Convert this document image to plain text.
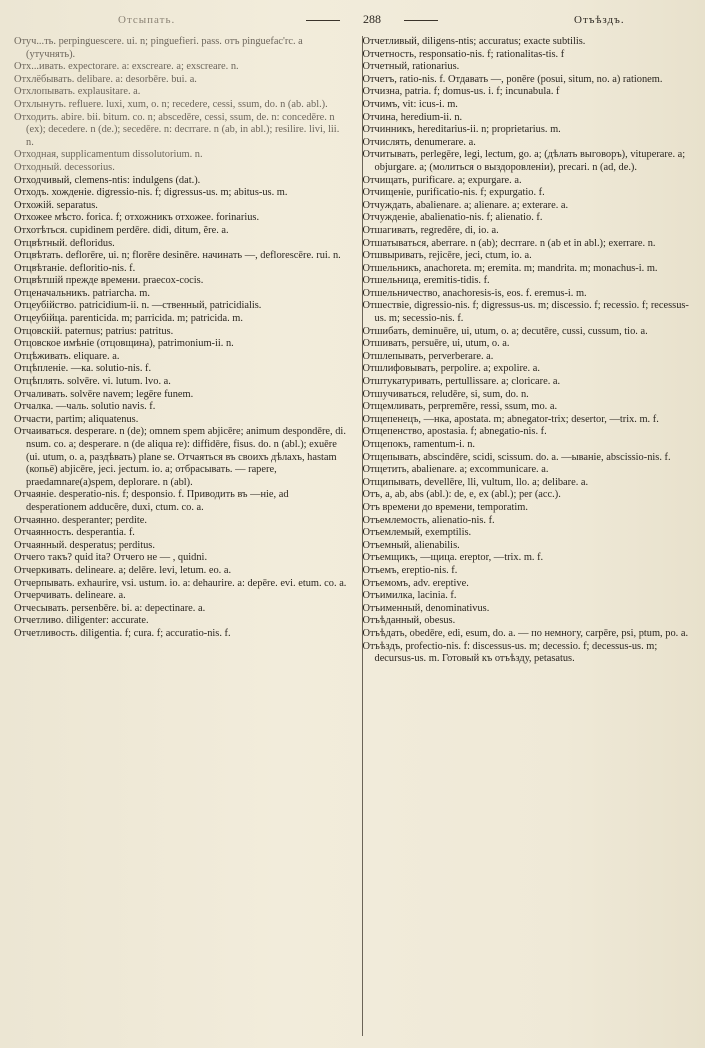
Отсыпать.	288	Отъѣздъ.

Отуч...ть. perpinguescere. ui. n; pinguefieri. pass. отъ pinguefac'rc. a (утучнять).

Отх...ивать. expectorare. a: exscreare. a; exscreare. n.

Отхлёбывать. delibare. a: desorbēre. bui. a.

Отхлопывать. explausitare. a.

Отхлынуть. refluere. luxi, xum, o. n; recedere, cessi, ssum, do. n (ab. abl.).

Отходить. abire. bii. bitum. co. n; abscedēre, cessi, ssum, de. n: concedēre. n (ex); decedere. n (de.); secedēre. n: decrrare. n (ab, in abl.); resilire. livi, lii. n.

Отходная, supplicamentum dissolutorium. n.

Отходный. decessorius.

Отходчивый, clemens-ntis: indulgens (dat.).

Отходъ. хожденіе. digressio-nis. f; digressus-us. m; abitus-us. m.

Отхожій. separatus.

Отхожее мѣсто. forica. f; отхожникъ отхожее. forinarius.

Отхотѣться. cupidinem perdēre. didi, ditum, ĕre. a.

Отцвѣтный. defloridus.

Отцвѣтать. deflorēre, ui. n; florēre desinēre. начинать —, deflorescēre. rui. n.

Отцвѣтаніе. defloritio-nis. f.

Отцвѣтшій прежде времени. praecox-cocis.

Отценачальникъ. patriarcha. m.

Отцеубійство. patricidium-ii. n. —ственный, patricidialis.

Отцеубійца. parenticida. m; parricida. m; patricida. m.

Отцовскій. paternus; patrius: patritus.

Отцовское имѣніе (отцовщина), patrimonium-ii. n.

Отцѣживать. eliquare. a.

Отцѣпленіе. —ка. solutio-nis. f.

Отцѣплять. solvēre. vi. lutum. lvo. a.

Отчаливать. solvēre navem; legēre funem.

Отчалка. —чаль. solutio navis. f.

Отчасти, partim; aliquatenus.

Отчаиваться. desperare. n (de); omnem spem abjicēre; animum despondēre, di. nsum. co. a; desperare. n (de aliqua re): diffidēre, fisus. do. n (abl.); exuēre (ui. utum, o. a, раздѣвать) plane se. Отчаяться въ своихъ дѣлахъ, hastam (копьё) abjicēre, jeci. jectum. io. a; отбрасывать. — rapere, praedamnare(a)spem, deplorare. n (abl).

Отчаяніе. desperatio-nis. f; desponsio. f. Приводить въ —ніе, ad desperationem adducēre, duxi, ctum. co. a.

Отчаянно. desperanter; perdite.

Отчаянность. desperantia. f.

Отчаянный. desperatus; perditus.

Отчего такъ? quid ita? Отчего не — , quidni.

Отчеркивать. delineare. a; delēre. levi, letum. eo. a.

Отчерпывать. exhaurire, vsi. ustum. io. a: dehaurire. a: depēre. evi. etum. co. a.

Отчерчивать. delineare. a.

Отчесывать. persenbēre. bi. a: depectinare. a.

Отчетливо. diligenter: accurate.

Отчетливость. diligentia. f; cura. f; accuratio-nis. f.

Отчетливый, diligens-ntis; accuratus; exacte subtilis.

Отчетность, responsatio-nis. f; rationalitas-tis. f

Отчетный, rationarius.

Отчетъ, ratio-nis. f. Отдавать —, ponēre (posui, situm, no. a) rationem.

Отчизна, patria. f; domus-us. i. f; incunabula. f

Отчимъ, vit: icus-i. m.

Отчина, heredium-ii. n.

Отчинникъ, hereditarius-ii. n; proprietarius. m.

Отчислять, denumerare. a.

Отчитывать, perlegēre, legi, lectum, go. a; (дѣлать выговоръ), vituperare. a; objurgare. a; (молиться о выздоровленіи), precari. n (ad, de.).

Отчищать, purificare. a; expurgare. a.

Отчищеніе, purificatio-nis. f; expurgatio. f.

Отчуждать, abalienare. a; alienare. a; exterare. a.

Отчужденіе, abalienatio-nis. f; alienatio. f.

Отшагивать, regredēre, di, io. a.

Отшатываться, aberrare. n (ab); decrrare. n (ab et in abl.); exerrare. n.

Отшвыривать, rejicēre, jeci, ctum, io. a.

Отшельникъ, anachoreta. m; eremita. m; mandrita. m; monachus-i. m.

Отшельница, eremitis-tidis. f.

Отшельничество, anachoresis-is, eos. f. eremus-i. m.

Отшествіе, digressio-nis. f; digressus-us. m; discessio. f; recessio. f; recessus-us. m; secessio-nis. f.

Отшибать, deminuēre, ui, utum, o. a; decutēre, cussi, cussum, tio. a.

Отшивать, persuēre, ui, utum, o. a.

Отшлепывать, perverberare. a.

Отшлифовывать, perpolire. a; expolire. a.

Отштукатуривать, pertullissare. a; cloricare. a.

Отшучиваться, reludēre, si, sum, do. n.

Отщемливать, perpremēre, ressi, ssum, mo. a.

Отщепенецъ, —нка, apostata. m; abnegator-trix; desertor, —trix. m. f.

Отщепенство, apostasia. f; abnegatio-nis. f.

Отщепокъ, ramentum-i. n.

Отщепывать, abscindēre, scidi, scissum. do. a. —ываніе, abscissio-nis. f.

Отщетить, abalienare. a; excommunicare. a.

Отщипывать, devellēre, lli, vultum, llo. a; delibare. a.

Отъ, a, ab, abs (abl.): de, e, ex (abl.); per (acc.).

Отъ времени до времени, temporatim.

Отъемлемость, alienatio-nis. f.

Отъемлемый, exemptilis.

Отъемный, alienabilis.

Отъемщикъ, —щица. ereptor, —trix. m. f.

Отъемъ, ereptio-nis. f.

Отъемомъ, adv. ereptive.

Отъимилка, lacinia. f.

Отъименный, denominativus.

Отъѣданный, obesus.

Отъѣдать, obedēre, edi, esum, do. a. — по немногу, carpēre, psi, ptum, po. a.

Отъѣздъ, profectio-nis. f: discessus-us. m; decessio. f; decessus-us. m; decursus-us. m. Готовый къ отъѣзду, petasatus.
